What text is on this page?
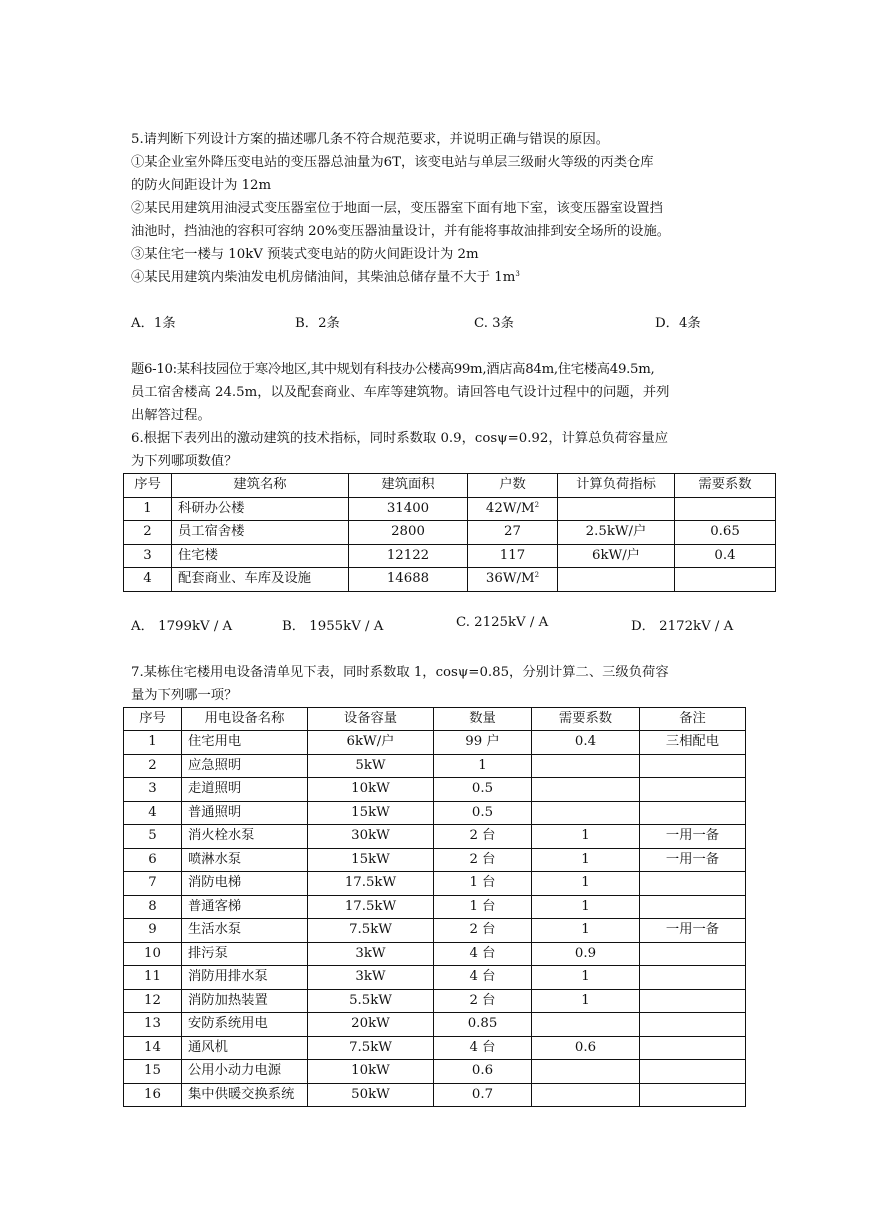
5.请判断下列设计方案的描述哪几条不符合规范要求，并说明正确与错误的原因。

①某企业室外降压变电站的变压器总油量为6T，该变电站与单层三级耐火等级的丙类仓库

的防火间距设计为 12m

②某民用建筑用油浸式变压器室位于地面一层，变压器室下面有地下室，该变压器室设置挡

油池时，挡油池的容积可容纳 20%变压器油量设计，并有能将事故油排到安全场所的设施。

③某住宅一楼与 10kV 预装式变电站的防火间距设计为 2m

④某民用建筑内柴油发电机房储油间，其柴油总储存量不大于 $1m^3$

A．1条	B．2条	C. 3条	D．4条

题6-10:某科技园位于寒冷地区,其中规划有科技办公楼高99m,酒店高84m,住宅楼高49.5m,

员工宿舍楼高 24.5m，以及配套商业、车库等建筑物。请回答电气设计过程中的问题，并列

出解答过程。

6.根据下表列出的激动建筑的技术指标，同时系数取 0.9，cosψ=0.92，计算总负荷容量应

为下列哪项数值？

序号	建筑名称	建筑面积	户数	计算负荷指标	需要系数
1	科研办公楼	31400	$42W/M^2$		
2	员工宿舍楼	2800	27	2.5kW/户	0.65
3	住宅楼	12122	117	6kW/户	0.4
4	配套商业、车库及设施	14688	$36W/M^2$		
A． 1799kV / A	B． 1955kV / A	C. 2125kV / A	D． 2172kV / A

7.某栋住宅楼用电设备清单见下表，同时系数取 1，cosψ=0.85，分别计算二、三级负荷容

量为下列哪一项？

序号	用电设备名称	设备容量	数量	需要系数	备注
1	住宅用电	6kW/户	99 户	0.4	三相配电
2	应急照明	5kW	1		
3	走道照明	10kW	0.5		
4	普通照明	15kW	0.5		
5	消火栓水泵	30kW	2 台	1	一用一备
6	喷淋水泵	15kW	2 台	1	一用一备
7	消防电梯	17.5kW	1 台	1	
8	普通客梯	17.5kW	1 台	1	
9	生活水泵	7.5kW	2 台	1	一用一备
10	排污泵	3kW	4 台	0.9	
11	消防用排水泵	3kW	4 台	1	
12	消防加热装置	5.5kW	2 台	1	
13	安防系统用电	20kW	0.85		
14	通风机	7.5kW	4 台	0.6	
15	公用小动力电源	10kW	0.6		
16	集中供暖交换系统	50kW	0.7		
